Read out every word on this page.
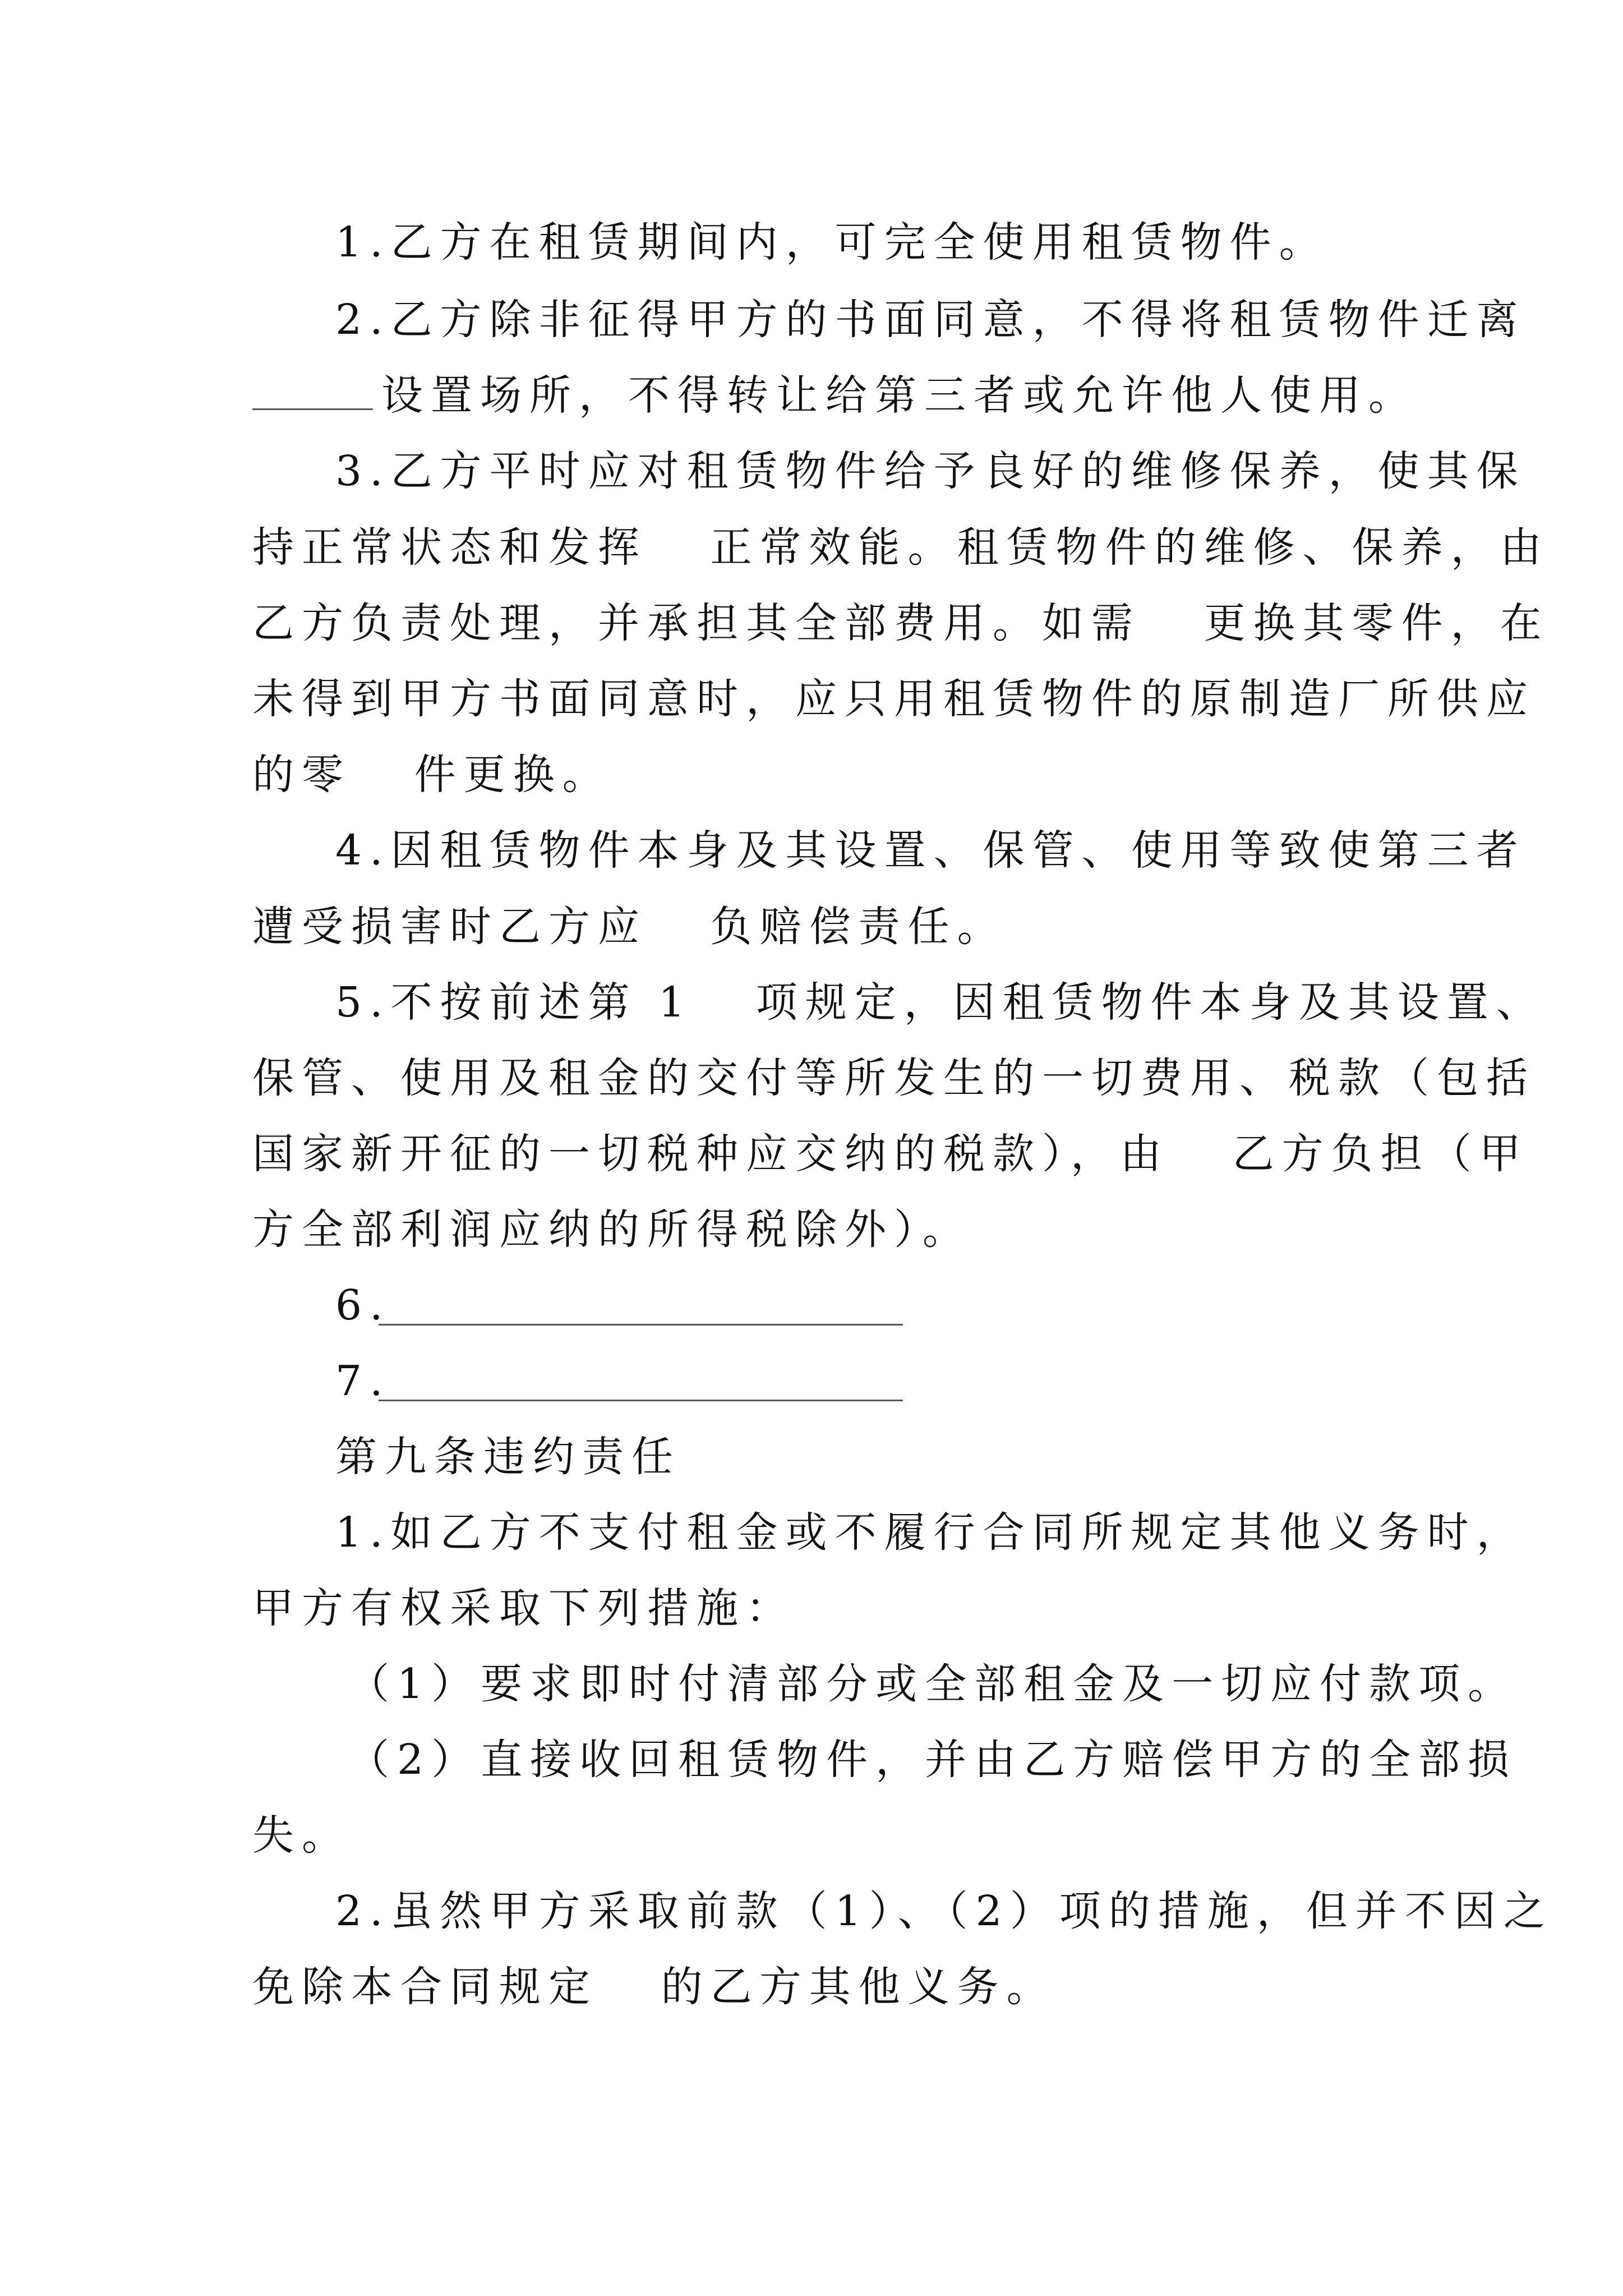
1.乙方在租赁期间内，可完全使用租赁物件。
2.乙方除非征得甲方的书面同意，不得将租赁物件迁离
设置场所，不得转让给第三者或允许他人使用。
3.乙方平时应对租赁物件给予良好的维修保养，使其保
持正常状态和发挥   正常效能。租赁物件的维修、保养，由
乙方负责处理，并承担其全部费用。如需   更换其零件，在
未得到甲方书面同意时，应只用租赁物件的原制造厂所供应
的零   件更换。
4.因租赁物件本身及其设置、保管、使用等致使第三者
遭受损害时乙方应   负赔偿责任。
5.不按前述第 1   项规定，因租赁物件本身及其设置、
保管、使用及租金的交付等所发生的一切费用、税款（包括
国家新开征的一切税种应交纳的税款），由   乙方负担（甲
方全部利润应纳的所得税除外）。
6.
7.
第九条违约责任
1.如乙方不支付租金或不履行合同所规定其他义务时，
甲方有权采取下列措施：
（1）要求即时付清部分或全部租金及一切应付款项。
（2）直接收回租赁物件，并由乙方赔偿甲方的全部损
失。
2.虽然甲方采取前款（1）、（2）项的措施，但并不因之
免除本合同规定   的乙方其他义务。
